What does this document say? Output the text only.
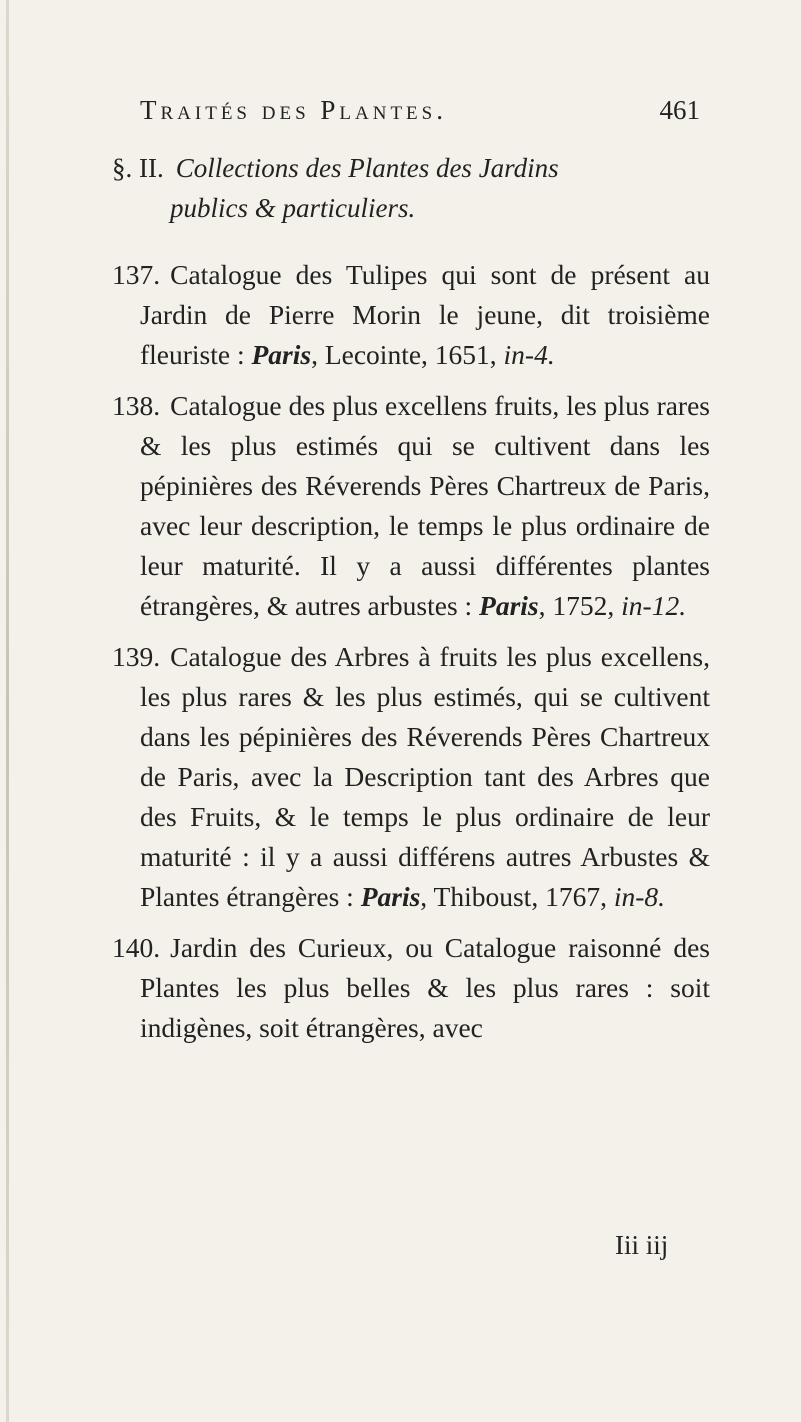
Traités des Plantes.	461
§. II. Collections des Plantes des Jardins
publics & particuliers.

137. Catalogue des Tulipes qui sont de présent au Jardin de Pierre Morin le jeune, dit troisième fleuriste : Paris, Lecointe, 1651, in-4.

138. Catalogue des plus excellens fruits, les plus rares & les plus estimés qui se cultivent dans les pépinières des Réverends Pères Chartreux de Paris, avec leur description, le temps le plus ordinaire de leur maturité. Il y a aussi différentes plantes étrangères, & autres arbustes : Paris, 1752, in-12.

139. Catalogue des Arbres à fruits les plus excellens, les plus rares & les plus estimés, qui se cultivent dans les pépinières des Réverends Pères Chartreux de Paris, avec la Description tant des Arbres que des Fruits, & le temps le plus ordinaire de leur maturité : il y a aussi différens autres Arbustes & Plantes étrangères : Paris, Thiboust, 1767, in-8.

140. Jardin des Curieux, ou Catalogue raisonné des Plantes les plus belles & les plus rares : soit indigènes, soit étrangères, avec

Iii iij
